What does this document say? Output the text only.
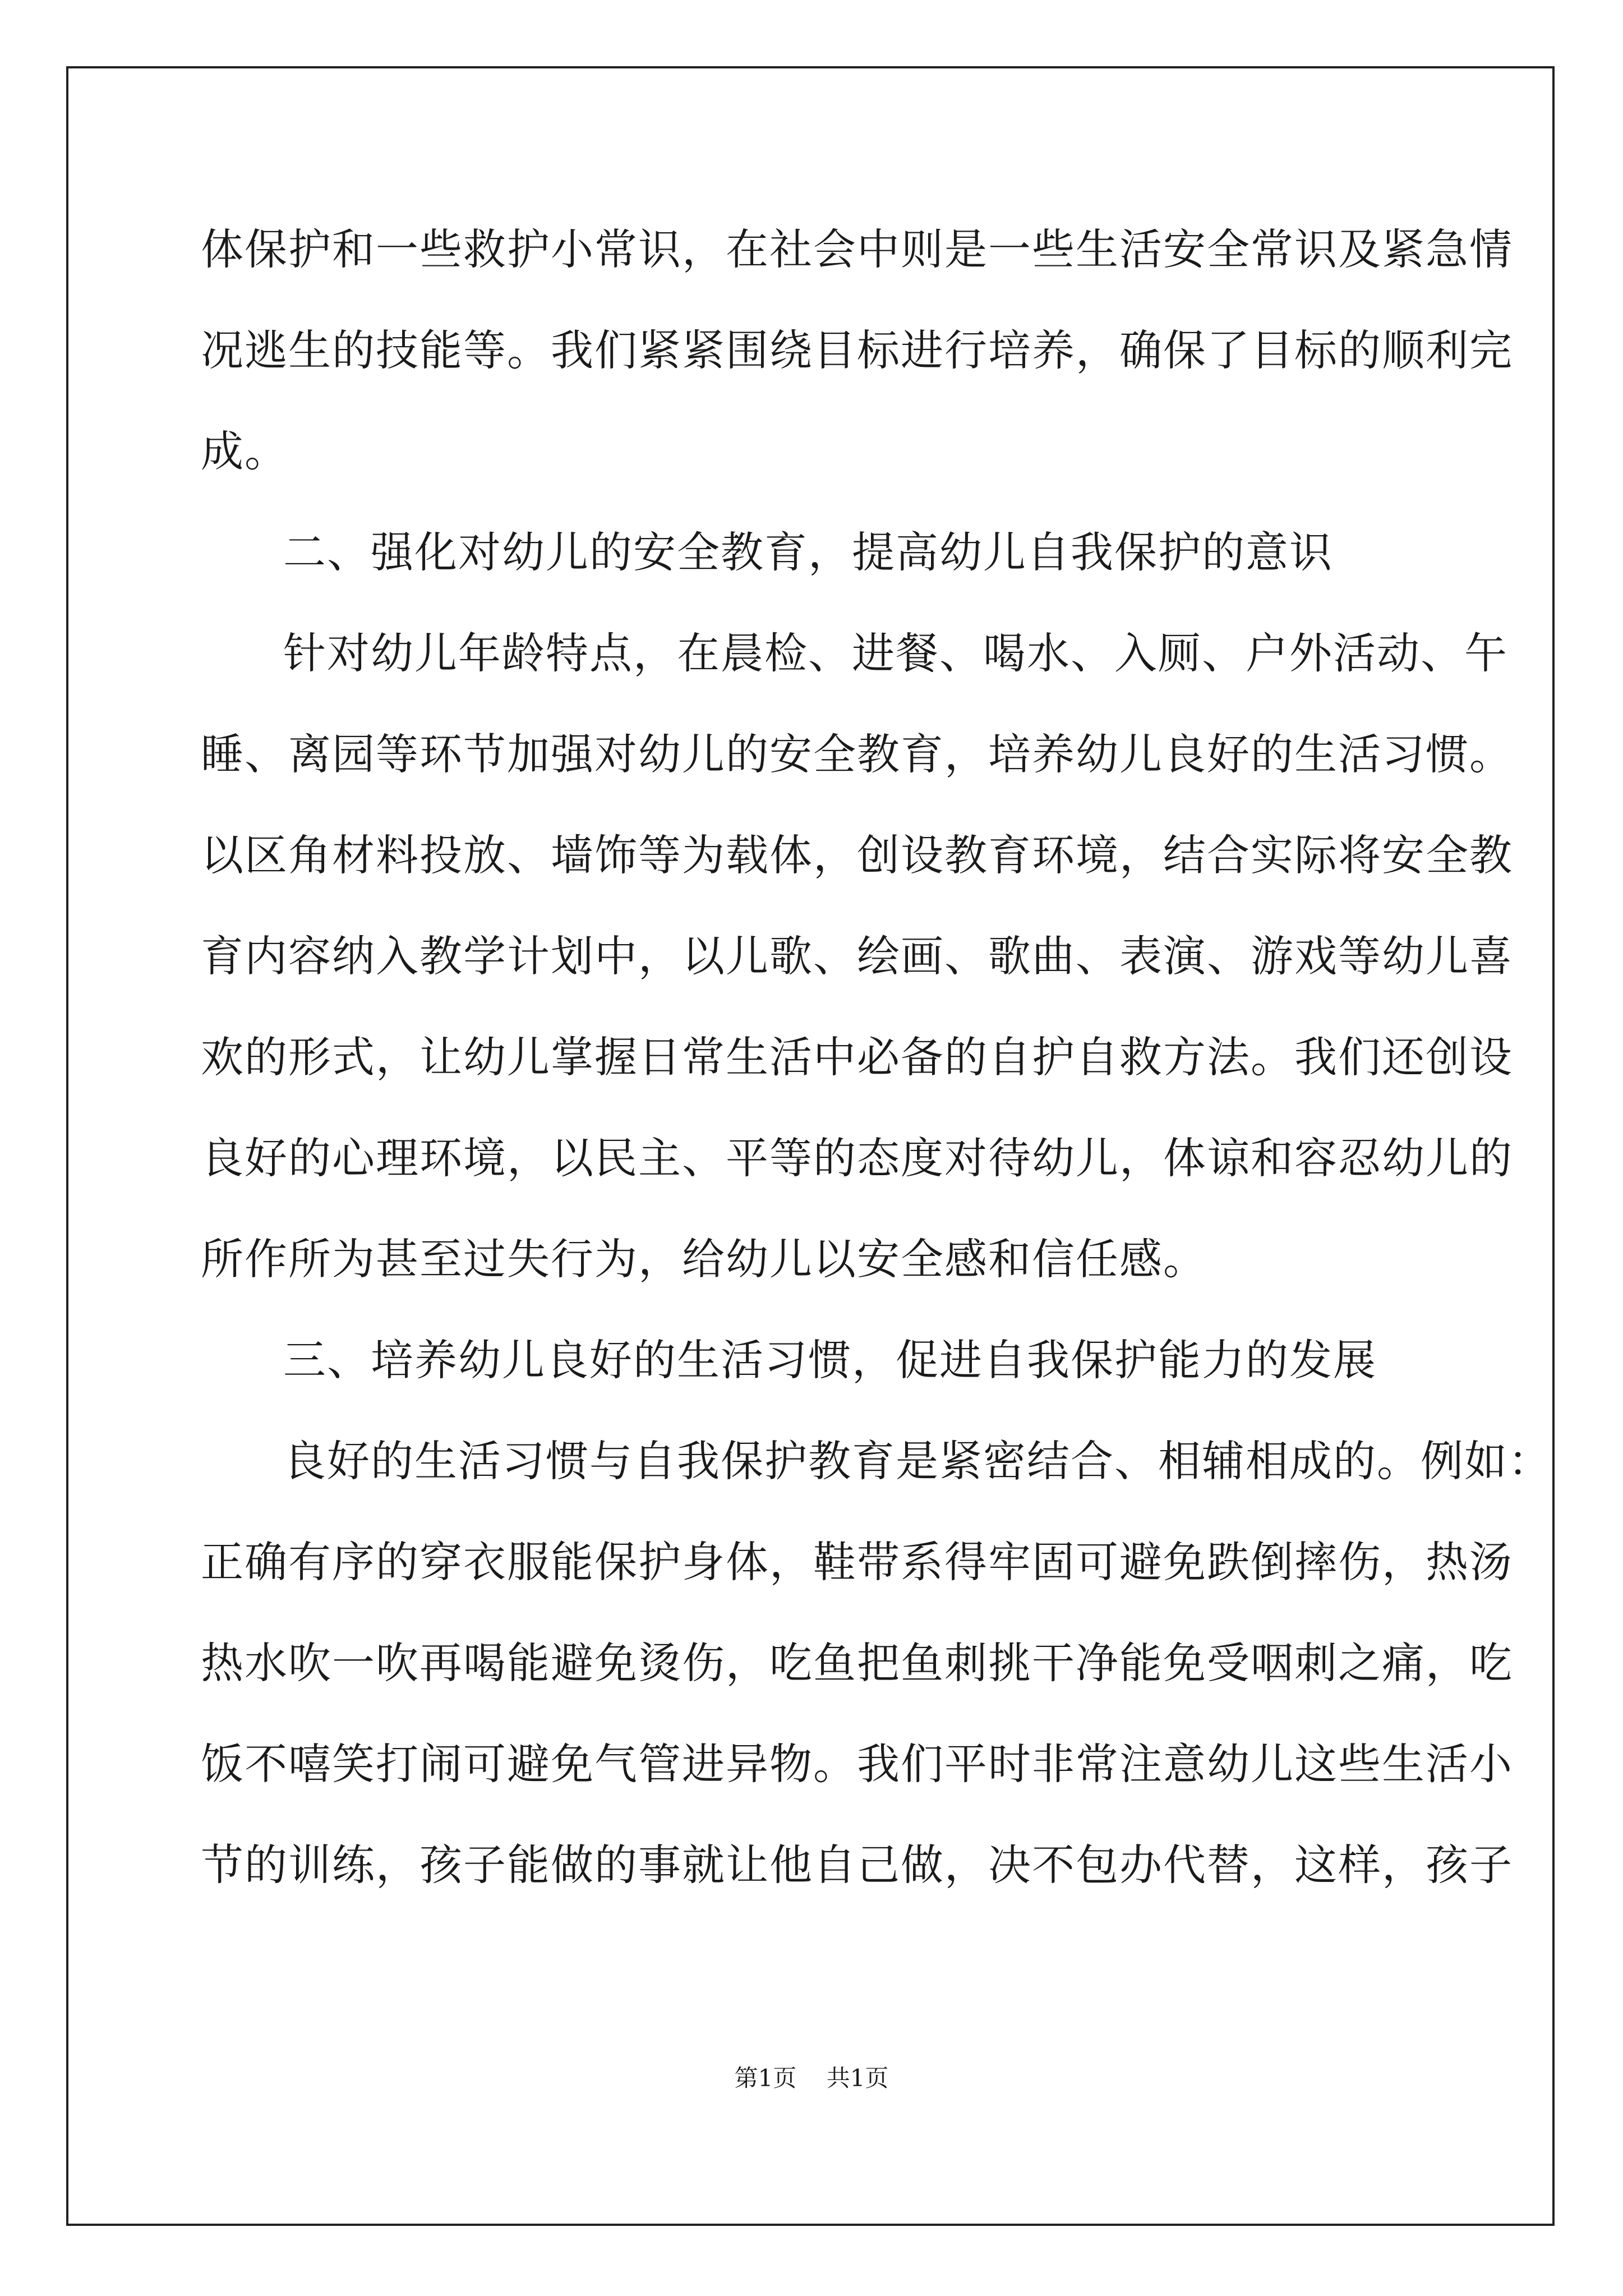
体保护和一些救护小常识，在社会中则是一些生活安全常识及紧急情
况逃生的技能等。我们紧紧围绕目标进行培养，确保了目标的顺利完
成。
二、强化对幼儿的安全教育，提高幼儿自我保护的意识
针对幼儿年龄特点，在晨检、进餐、喝水、入厕、户外活动、午
睡、离园等环节加强对幼儿的安全教育，培养幼儿良好的生活习惯。
以区角材料投放、墙饰等为载体，创设教育环境，结合实际将安全教
育内容纳入教学计划中，以儿歌、绘画、歌曲、表演、游戏等幼儿喜
欢的形式，让幼儿掌握日常生活中必备的自护自救方法。我们还创设
良好的心理环境，以民主、平等的态度对待幼儿，体谅和容忍幼儿的
所作所为甚至过失行为，给幼儿以安全感和信任感。
三、培养幼儿良好的生活习惯，促进自我保护能力的发展
良好的生活习惯与自我保护教育是紧密结合、相辅相成的。例如：
正确有序的穿衣服能保护身体，鞋带系得牢固可避免跌倒摔伤，热汤
热水吹一吹再喝能避免烫伤，吃鱼把鱼刺挑干净能免受咽刺之痛，吃
饭不嘻笑打闹可避免气管进异物。我们平时非常注意幼儿这些生活小
节的训练，孩子能做的事就让他自己做，决不包办代替，这样，孩子
第1页 共1页
